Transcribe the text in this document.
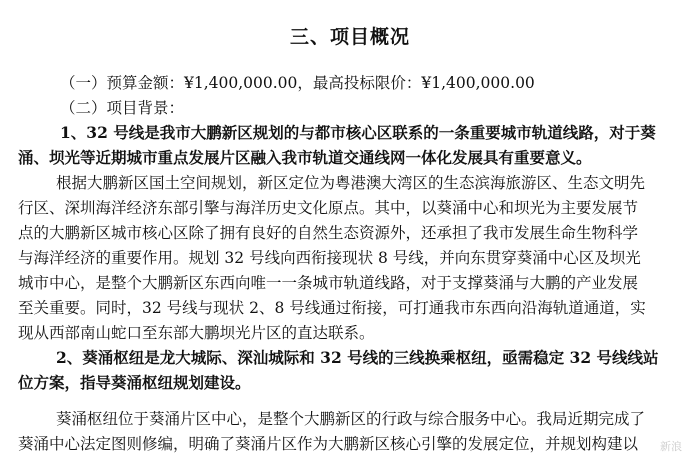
三、项目概况
（一）预算金额：¥1,400,000.00，最高投标限价：¥1,400,000.00
（二）项目背景：
1、32 号线是我市大鹏新区规划的与都市核心区联系的一条重要城市轨道线路，对于葵
涌、坝光等近期城市重点发展片区融入我市轨道交通线网一体化发展具有重要意义。
根据大鹏新区国土空间规划，新区定位为粤港澳大湾区的生态滨海旅游区、生态文明先
行区、深圳海洋经济东部引擎与海洋历史文化原点。其中，以葵涌中心和坝光为主要发展节
点的大鹏新区城市核心区除了拥有良好的自然生态资源外，还承担了我市发展生命生物科学
与海洋经济的重要作用。规划 32 号线向西衔接现状 8 号线，并向东贯穿葵涌中心区及坝光
城市中心，是整个大鹏新区东西向唯一一条城市轨道线路，对于支撑葵涌与大鹏的产业发展
至关重要。同时，32 号线与现状 2、8 号线通过衔接，可打通我市东西向沿海轨道通道，实
现从西部南山蛇口至东部大鹏坝光片区的直达联系。
2、葵涌枢纽是龙大城际、深汕城际和 32 号线的三线换乘枢纽，亟需稳定 32 号线线站
位方案，指导葵涌枢纽规划建设。
葵涌枢纽位于葵涌片区中心，是整个大鹏新区的行政与综合服务中心。我局近期完成了
葵涌中心法定图则修编，明确了葵涌片区作为大鹏新区核心引擎的发展定位，并规划构建以	新浪
